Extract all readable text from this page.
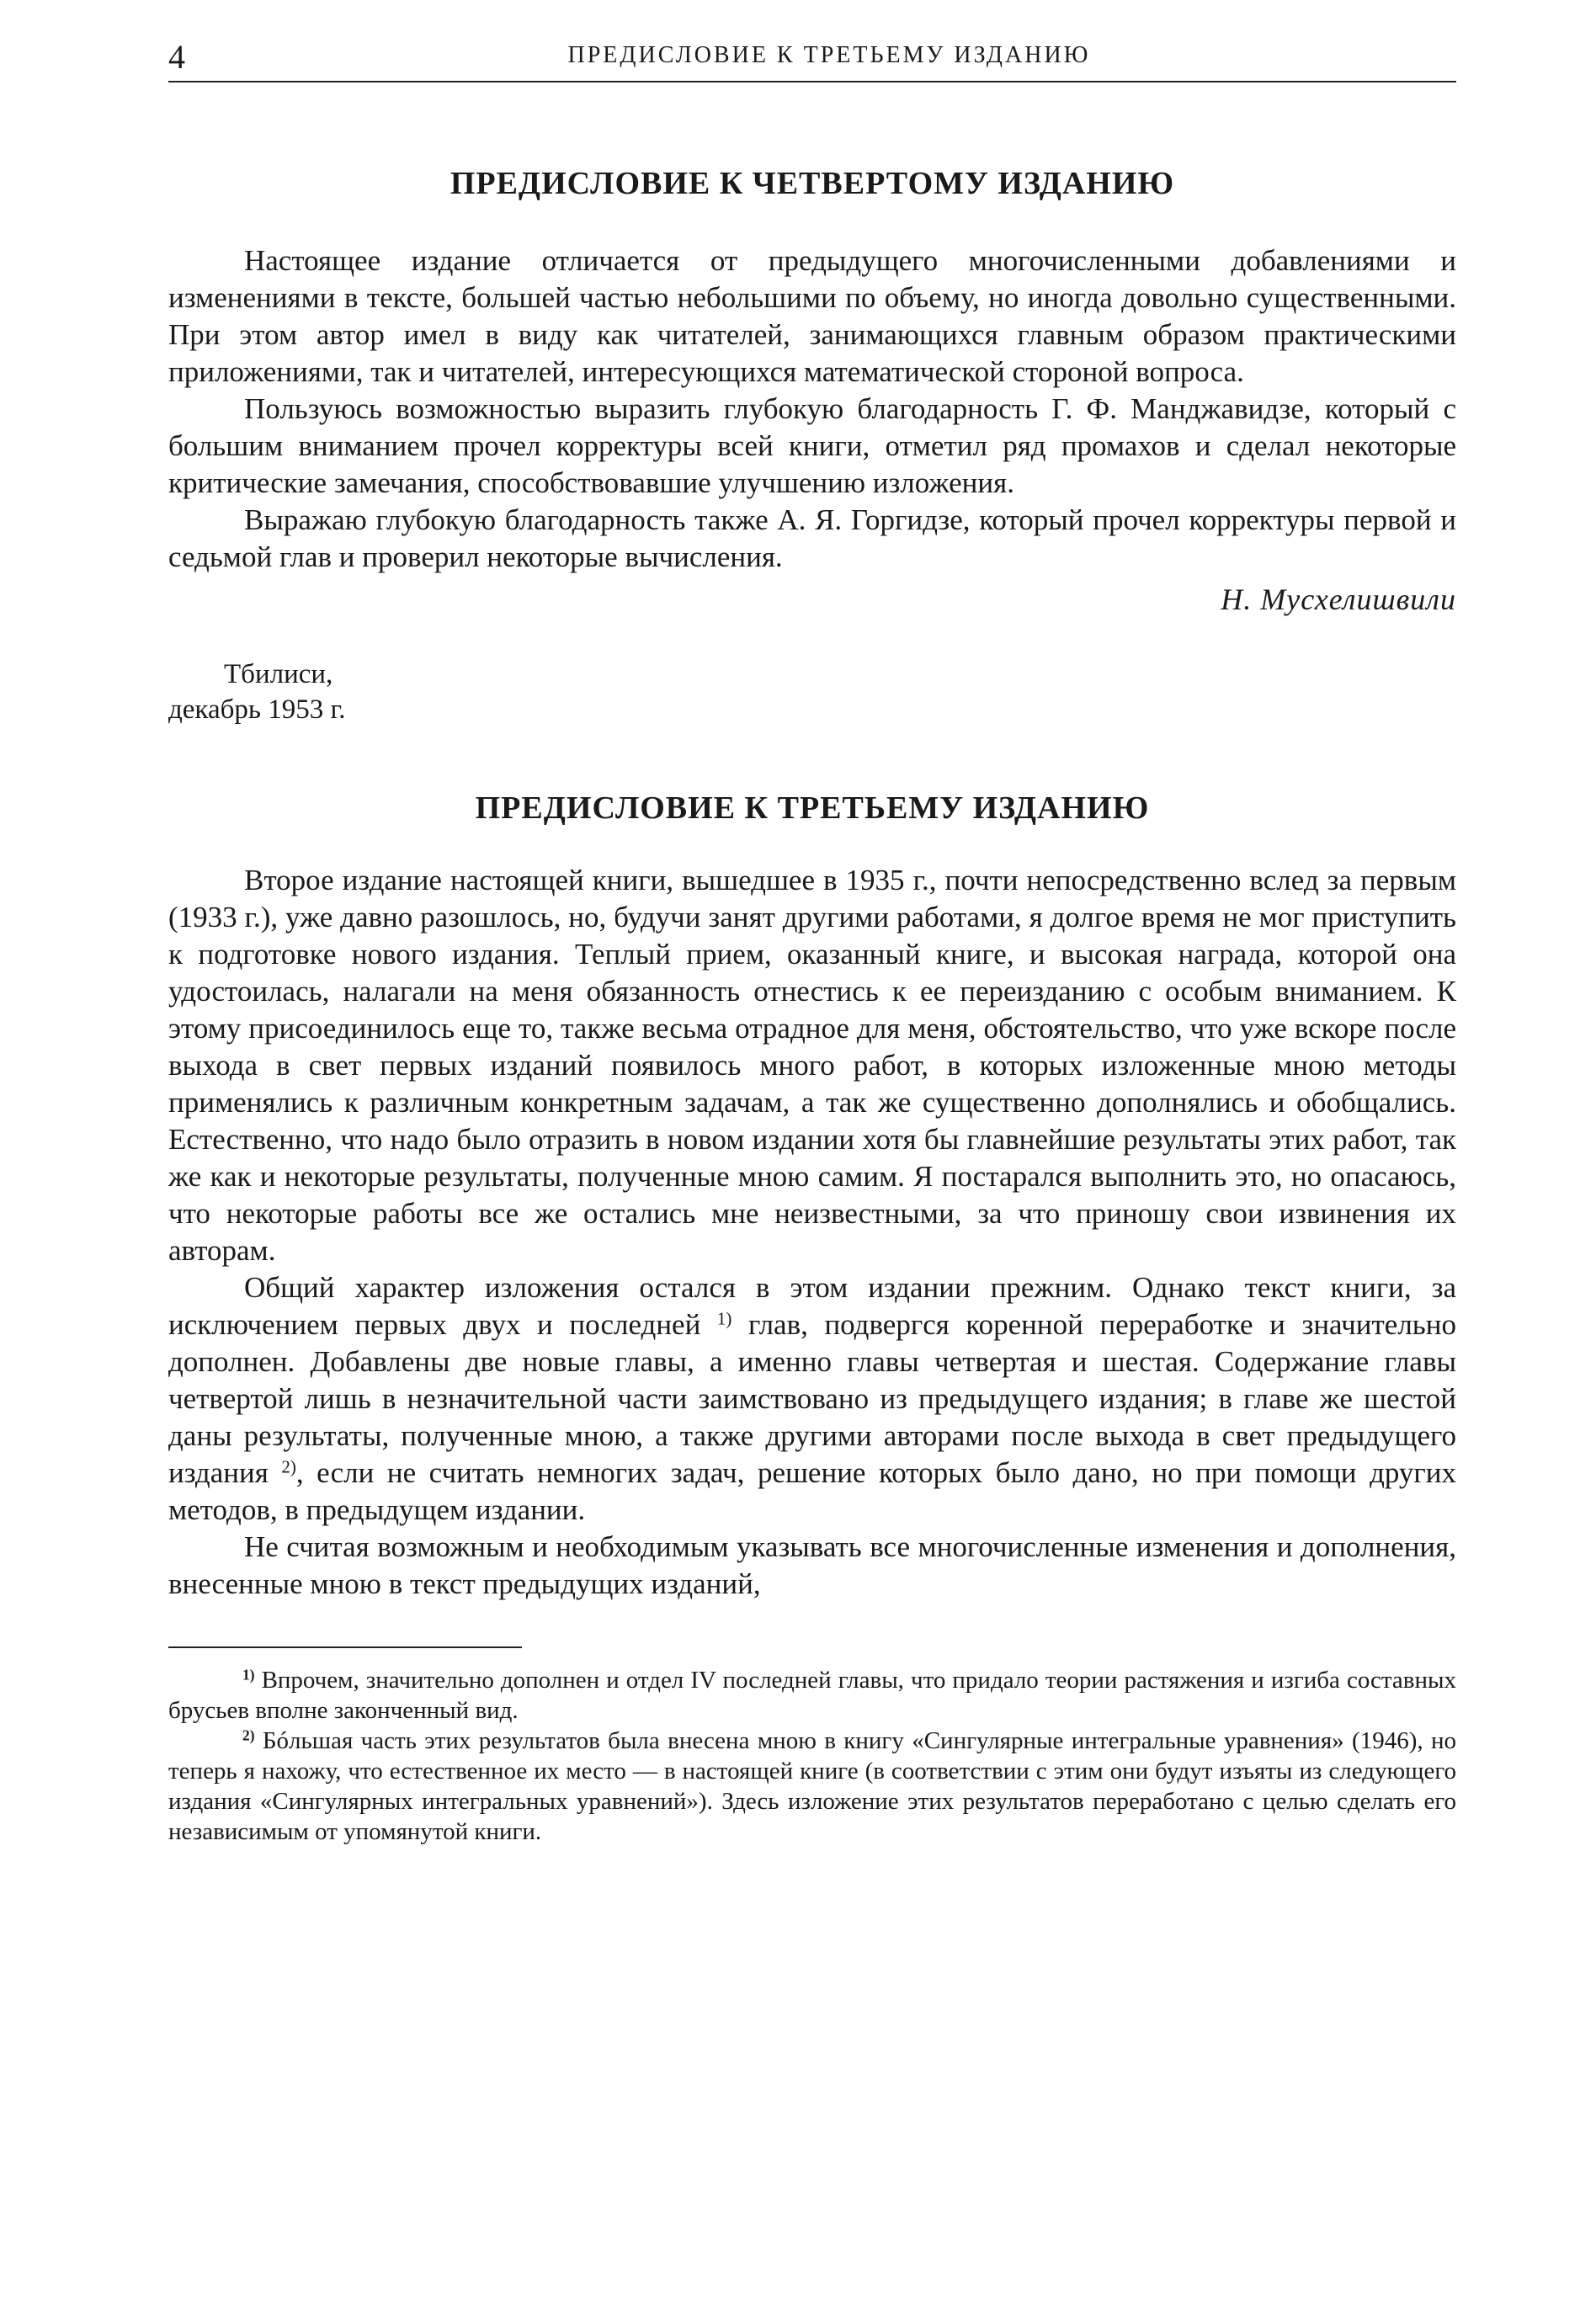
4	ПРЕДИСЛОВИЕ К ТРЕТЬЕМУ ИЗДАНИЮ
ПРЕДИСЛОВИЕ К ЧЕТВЕРТОМУ ИЗДАНИЮ

Настоящее издание отличается от предыдущего многочисленными добавлениями и изменениями в тексте, большей частью небольшими по объему, но иногда довольно существенными. При этом автор имел в виду как читателей, занимающихся главным образом практическими приложениями, так и читателей, интересующихся математической стороной вопроса.

Пользуюсь возможностью выразить глубокую благодарность Г. Ф. Манджавидзе, который с большим вниманием прочел корректуры всей книги, отметил ряд промахов и сделал некоторые критические замечания, способствовавшие улучшению изложения.

Выражаю глубокую благодарность также А. Я. Горгидзе, который прочел корректуры первой и седьмой глав и проверил некоторые вычисления.

Н. Мусхелишвили
Тбилиси,
декабрь 1953 г.
ПРЕДИСЛОВИЕ К ТРЕТЬЕМУ ИЗДАНИЮ

Второе издание настоящей книги, вышедшее в 1935 г., почти непосредственно вслед за первым (1933 г.), уже давно разошлось, но, будучи занят другими работами, я долгое время не мог приступить к подготовке нового издания. Теплый прием, оказанный книге, и высокая награда, которой она удостоилась, налагали на меня обязанность отнестись к ее переизданию с особым вниманием. К этому присоединилось еще то, также весьма отрадное для меня, обстоятельство, что уже вскоре после выхода в свет первых изданий появилось много работ, в которых изложенные мною методы применялись к различным конкретным задачам, а так же существенно дополнялись и обобщались. Естественно, что надо было отразить в новом издании хотя бы главнейшие результаты этих работ, так же как и некоторые результаты, полученные мною самим. Я постарался выполнить это, но опасаюсь, что некоторые работы все же остались мне неизвестными, за что приношу свои извинения их авторам.

Общий характер изложения остался в этом издании прежним. Однако текст книги, за исключением первых двух и последней $^{1)}$ глав, подвергся коренной переработке и значительно дополнен. Добавлены две новые главы, а именно главы четвертая и шестая. Содержание главы четвертой лишь в незначительной части заимствовано из предыдущего издания; в главе же шестой даны результаты, полученные мною, а также другими авторами после выхода в свет предыдущего издания $^{2)}$, если не считать немногих задач, решение которых было дано, но при помощи других методов, в предыдущем издании.

Не считая возможным и необходимым указывать все многочисленные изменения и дополнения, внесенные мною в текст предыдущих изданий,

$^{1)}$ Впрочем, значительно дополнен и отдел IV последней главы, что придало теории растяжения и изгиба составных брусьев вполне законченный вид.

$^{2)}$ Бóльшая часть этих результатов была внесена мною в книгу «Сингулярные интегральные уравнения» (1946), но теперь я нахожу, что естественное их место — в настоящей книге (в соответствии с этим они будут изъяты из следующего издания «Сингулярных интегральных уравнений»). Здесь изложение этих результатов переработано с целью сделать его независимым от упомянутой книги.
